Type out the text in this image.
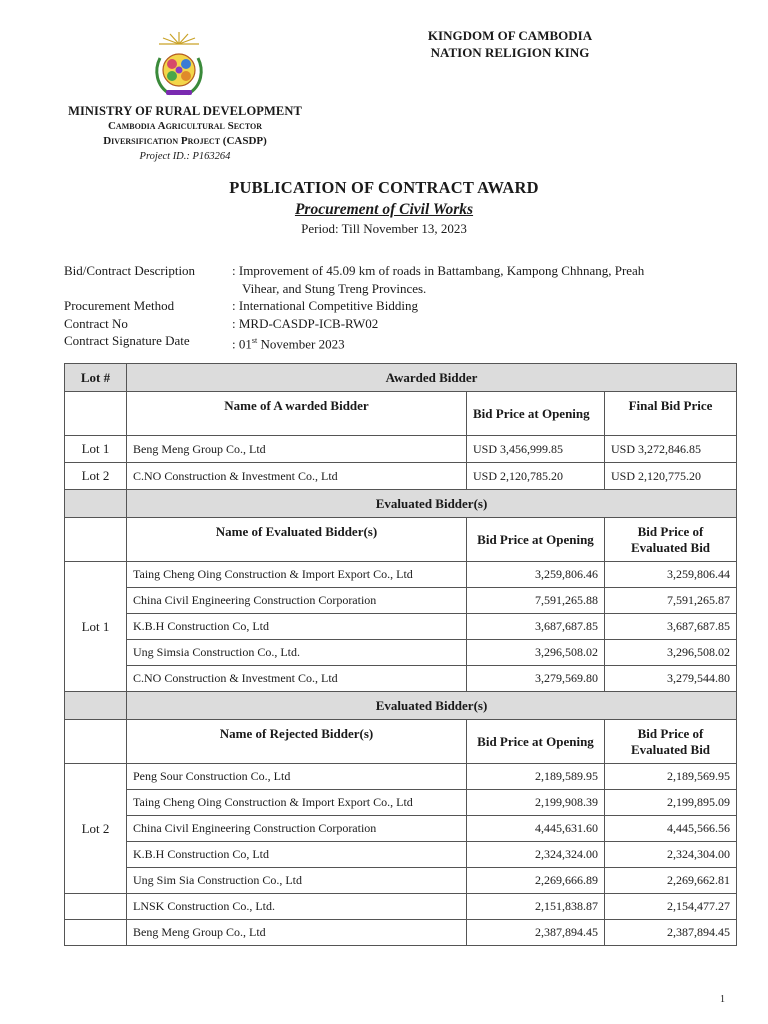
MINISTRY OF RURAL DEVELOPMENT
Cambodia Agricultural Sector
Diversification Project (CASDP)
Project ID.: P163264
KINGDOM OF CAMBODIA
NATION RELIGION KING
PUBLICATION OF CONTRACT AWARD
Procurement of Civil Works
Period: Till November 13, 2023
Bid/Contract Description	: Improvement of 45.09 km of roads in Battambang, Kampong Chhnang, Preah
Vihear, and Stung Treng Provinces.
Procurement Method	: International Competitive Bidding
Contract No	: MRD-CASDP-ICB-RW02
Contract Signature Date	: 01st November 2023
Lot #	Awarded Bidder		
	Name of A warded Bidder	Bid Price at Opening	Final Bid Price
Lot 1	Beng Meng Group Co., Ltd	USD 3,456,999.85	USD 3,272,846.85
Lot 2	C.NO Construction & Investment Co., Ltd	USD 2,120,785.20	USD 2,120,775.20
	Evaluated Bidder(s)		
	Name of Evaluated Bidder(s)	Bid Price at Opening	Bid Price of Evaluated Bid
Lot 1	Taing Cheng Oing Construction & Import Export Co., Ltd	3,259,806.46	3,259,806.44
	China Civil Engineering Construction Corporation	7,591,265.88	7,591,265.87
	K.B.H Construction Co, Ltd	3,687,687.85	3,687,687.85
	Ung Simsia Construction Co., Ltd.	3,296,508.02	3,296,508.02
	C.NO Construction & Investment Co., Ltd	3,279,569.80	3,279,544.80
	Evaluated Bidder(s)		
	Name of Rejected Bidder(s)	Bid Price at Opening	Bid Price of Evaluated Bid
Lot 2	Peng Sour Construction Co., Ltd	2,189,589.95	2,189,569.95
	Taing Cheng Oing Construction & Import Export Co., Ltd	2,199,908.39	2,199,895.09
	China Civil Engineering Construction Corporation	4,445,631.60	4,445,566.56
	K.B.H Construction Co, Ltd	2,324,324.00	2,324,304.00
	Ung Sim Sia Construction Co., Ltd	2,269,666.89	2,269,662.81
	LNSK Construction Co., Ltd.	2,151,838.87	2,154,477.27
	Beng Meng Group Co., Ltd	2,387,894.45	2,387,894.45
1
